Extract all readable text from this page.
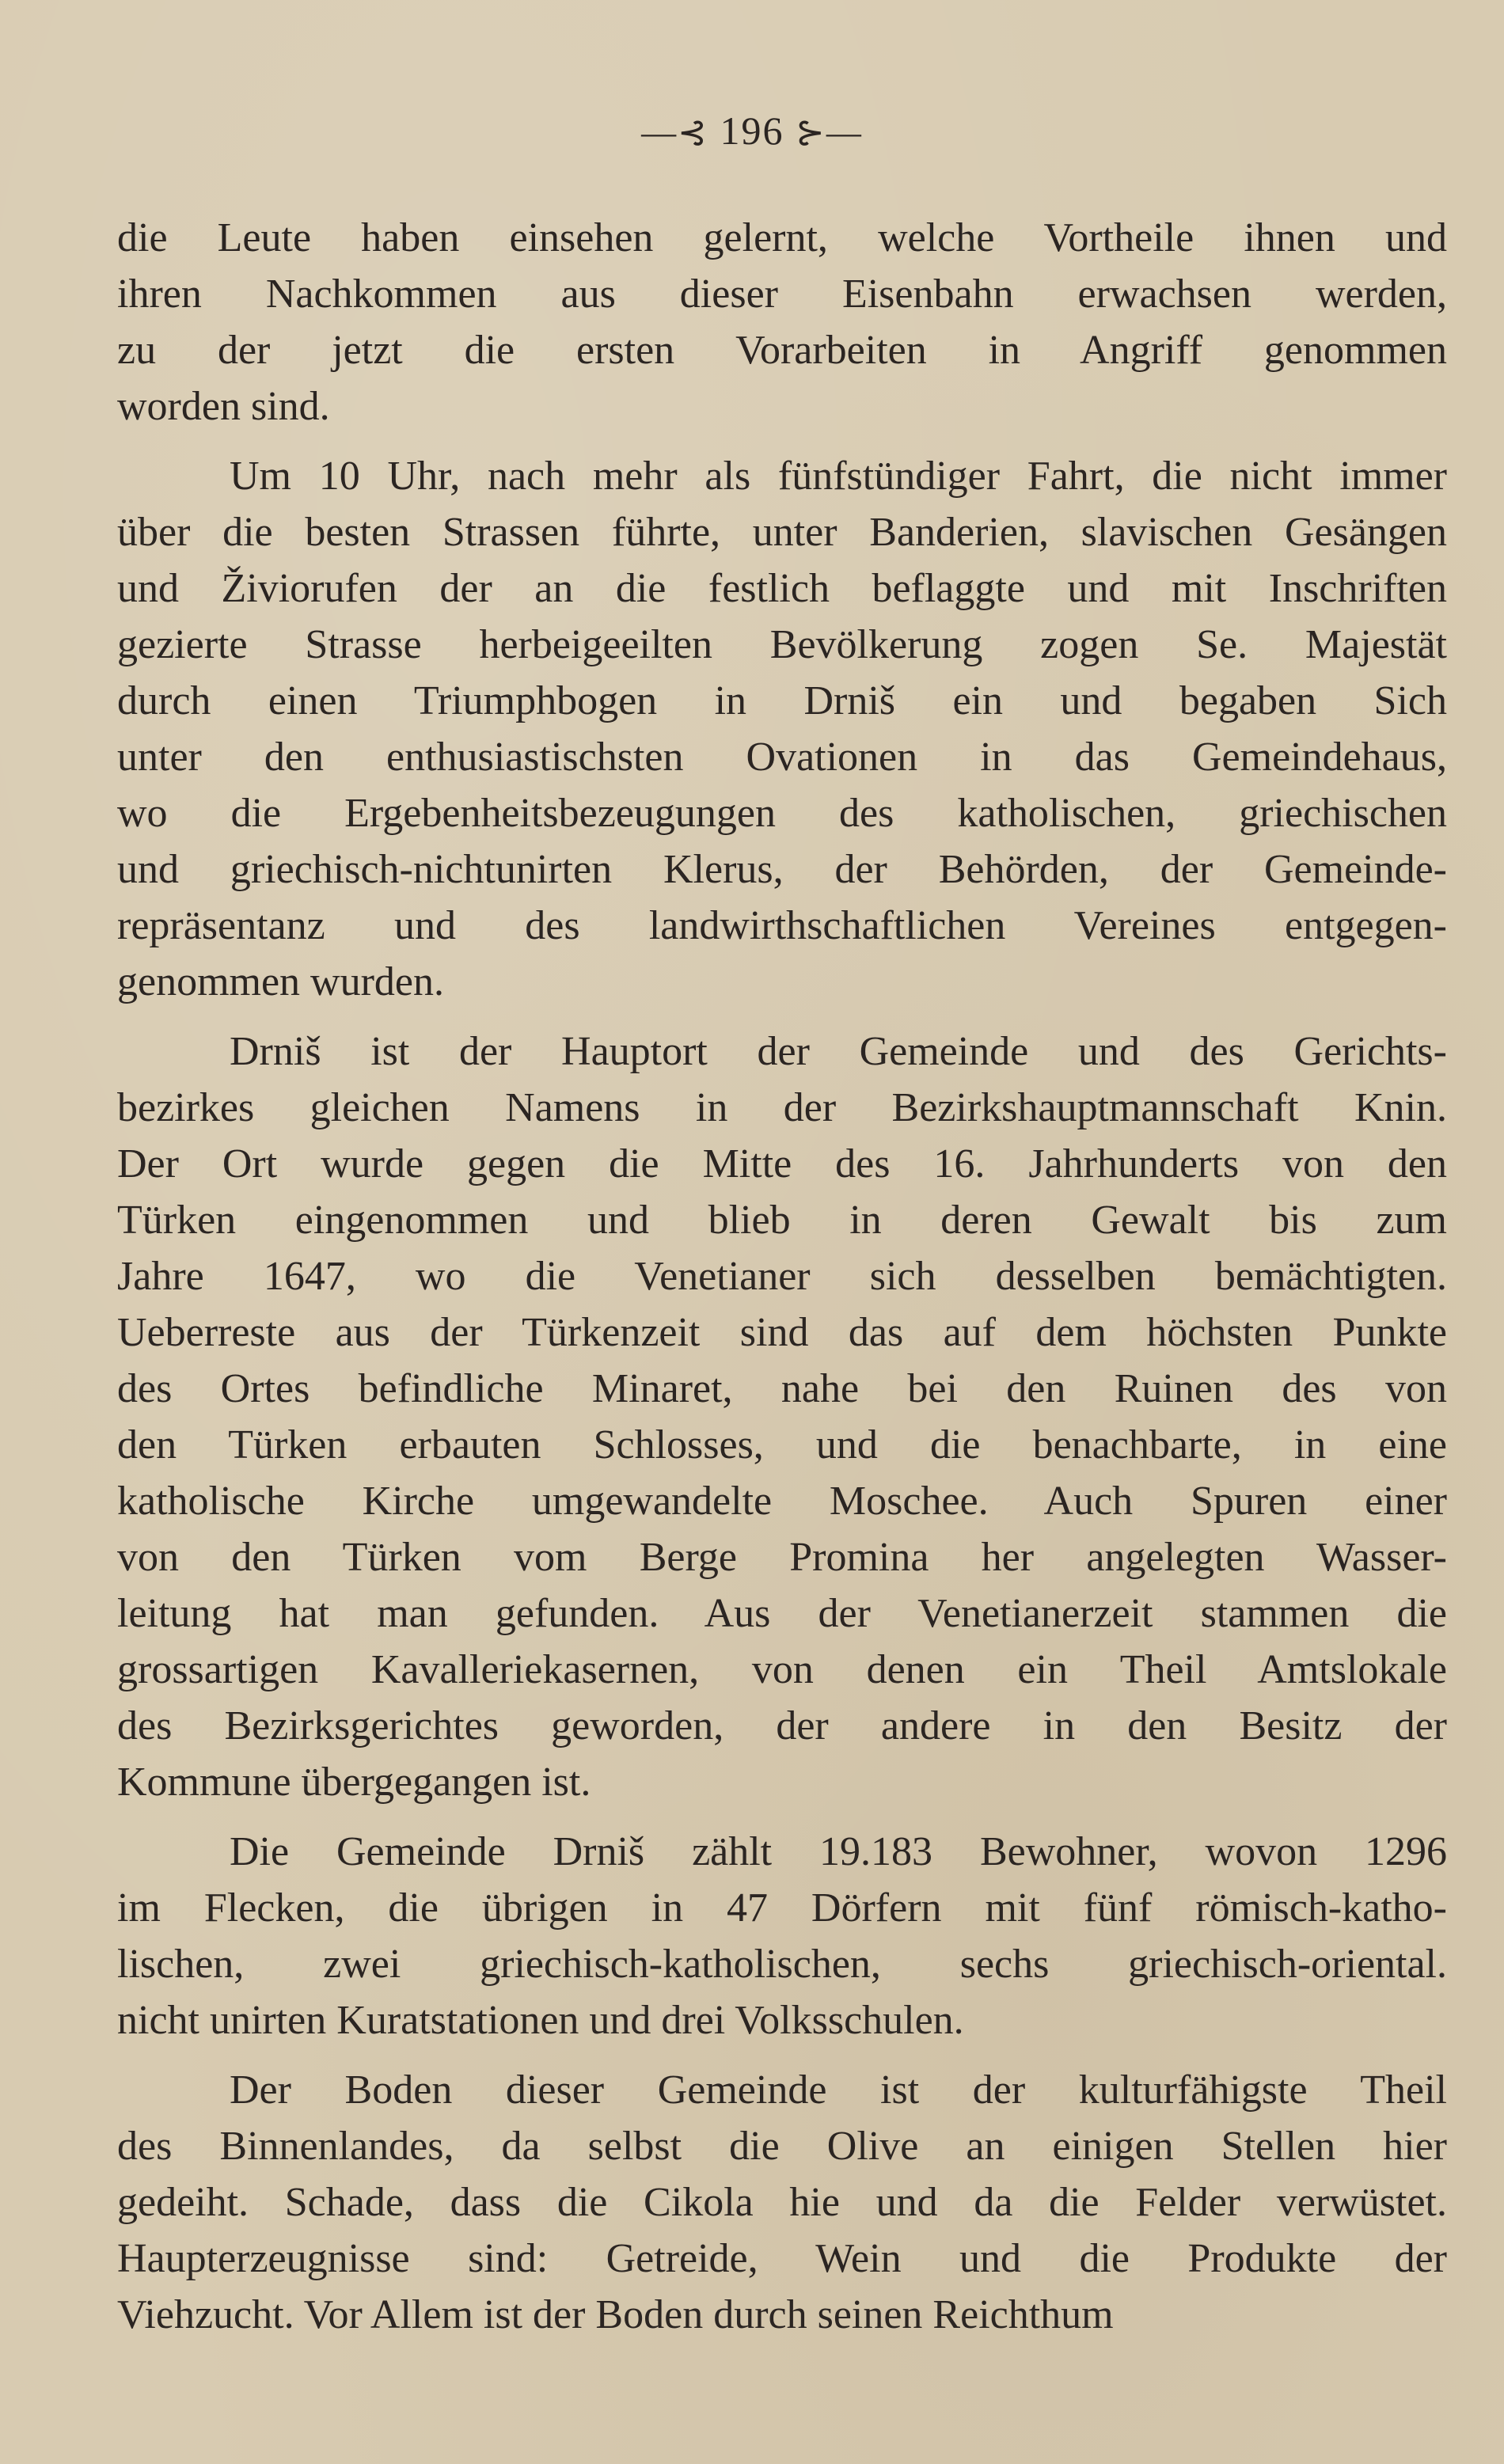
—⊰ 196 ⊱—
die Leute haben einsehen gelernt, welche Vortheile ihnen und
ihren Nachkommen aus dieser Eisenbahn erwachsen werden,
zu der jetzt die ersten Vorarbeiten in Angriff genommen
worden sind.
Um 10 Uhr, nach mehr als fünfstündiger Fahrt, die nicht immer
über die besten Strassen führte, unter Banderien, slavischen Gesängen
und Živiorufen der an die festlich beflaggte und mit Inschriften
gezierte Strasse herbeigeeilten Bevölkerung zogen Se. Majestät
durch einen Triumphbogen in Drniš ein und begaben Sich
unter den enthusiastischsten Ovationen in das Gemeindehaus,
wo die Ergebenheitsbezeugungen des katholischen, griechischen
und griechisch-nichtunirten Klerus, der Behörden, der Gemeinde-
repräsentanz und des landwirthschaftlichen Vereines entgegen-
genommen wurden.
Drniš ist der Hauptort der Gemeinde und des Gerichts-
bezirkes gleichen Namens in der Bezirkshauptmannschaft Knin.
Der Ort wurde gegen die Mitte des 16. Jahrhunderts von den
Türken eingenommen und blieb in deren Gewalt bis zum
Jahre 1647, wo die Venetianer sich desselben bemächtigten.
Ueberreste aus der Türkenzeit sind das auf dem höchsten Punkte
des Ortes befindliche Minaret, nahe bei den Ruinen des von
den Türken erbauten Schlosses, und die benachbarte, in eine
katholische Kirche umgewandelte Moschee. Auch Spuren einer
von den Türken vom Berge Promina her angelegten Wasser-
leitung hat man gefunden. Aus der Venetianerzeit stammen die
grossartigen Kavalleriekasernen, von denen ein Theil Amtslokale
des Bezirksgerichtes geworden, der andere in den Besitz der
Kommune übergegangen ist.
Die Gemeinde Drniš zählt 19.183 Bewohner, wovon 1296
im Flecken, die übrigen in 47 Dörfern mit fünf römisch-katho-
lischen, zwei griechisch-katholischen, sechs griechisch-oriental.
nicht unirten Kuratstationen und drei Volksschulen.
Der Boden dieser Gemeinde ist der kulturfähigste Theil
des Binnenlandes, da selbst die Olive an einigen Stellen hier
gedeiht. Schade, dass die Cikola hie und da die Felder verwüstet.
Haupterzeugnisse sind: Getreide, Wein und die Produkte der
Viehzucht. Vor Allem ist der Boden durch seinen Reichthum
